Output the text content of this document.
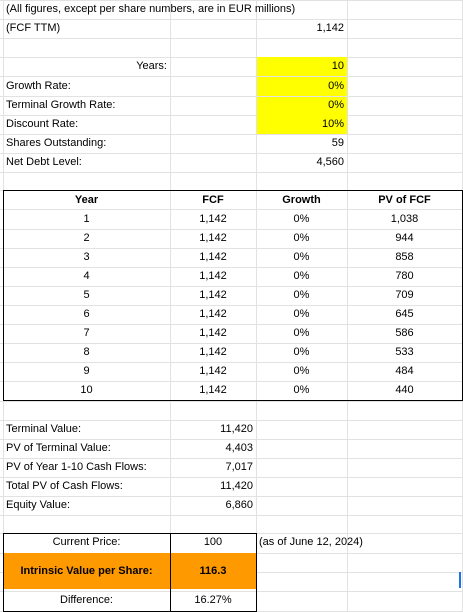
(All figures, except per share numbers, are in EUR millions)
(FCF TTM)	1,142
Years:	10
Growth Rate:	0%
Terminal Growth Rate:	0%
Discount Rate:	10%
Shares Outstanding:	59
Net Debt Level:	4,560
Year	FCF	Growth	PV of FCF
1	1,142	0%	1,038
2	1,142	0%	944
3	1,142	0%	858
4	1,142	0%	780
5	1,142	0%	709
6	1,142	0%	645
7	1,142	0%	586
8	1,142	0%	533
9	1,142	0%	484
10	1,142	0%	440
Terminal Value:	11,420
PV of Terminal Value:	4,403
PV of Year 1-10 Cash Flows:	7,017
Total PV of Cash Flows:	11,420
Equity Value:	6,860
Current Price:	100	(as of June 12, 2024)
Intrinsic Value per Share:	116.3
Difference:	16.27%
